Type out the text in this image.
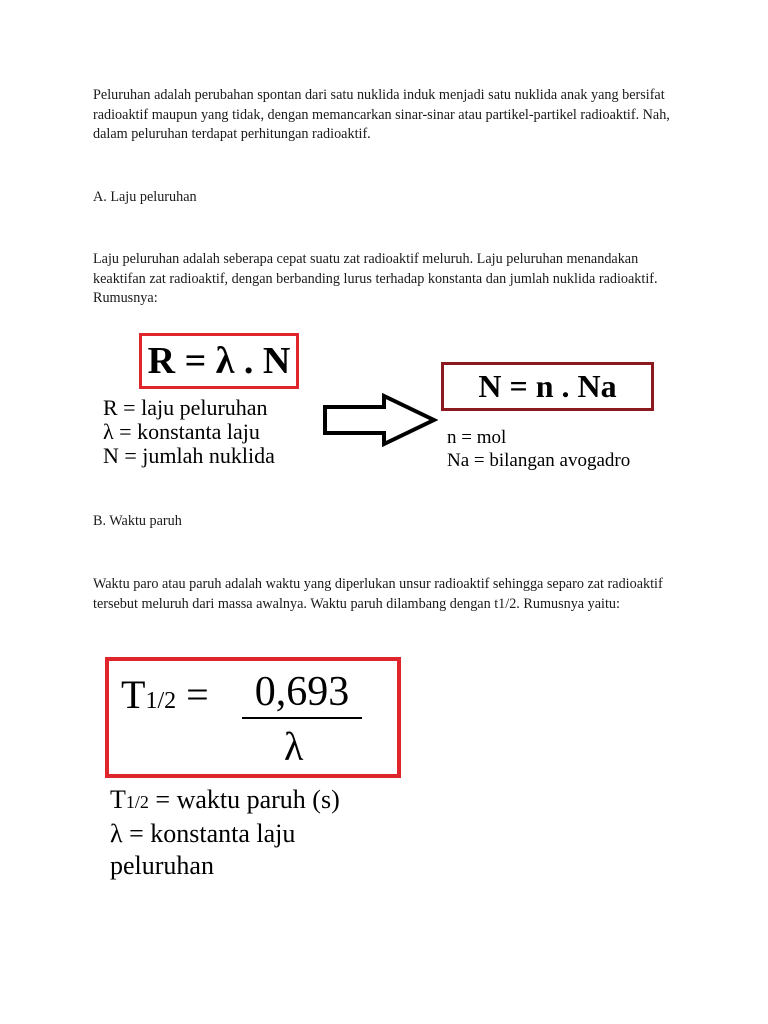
Peluruhan adalah perubahan spontan dari satu nuklida induk menjadi satu nuklida anak yang bersifat radioaktif maupun yang tidak, dengan memancarkan sinar-sinar atau partikel-partikel radioaktif. Nah, dalam peluruhan terdapat perhitungan radioaktif.

A. Laju peluruhan

Laju peluruhan adalah seberapa cepat suatu zat radioaktif meluruh. Laju peluruhan menandakan keaktifan zat radioaktif, dengan berbanding lurus terhadap konstanta dan jumlah nuklida radioaktif. Rumusnya:

R = λ . N
R = laju peluruhan
λ = konstanta laju
N = jumlah nuklida
N = n . Na
n = mol
Na = bilangan avogadro

B. Waktu paruh

Waktu paro atau paruh adalah waktu yang diperlukan unsur radioaktif sehingga separo zat radioaktif tersebut meluruh dari massa awalnya. Waktu paruh dilambang dengan t1/2. Rumusnya yaitu:

T1/2 = 0,693
λ
T1/2 = waktu paruh (s)
λ = konstanta laju
peluruhan
